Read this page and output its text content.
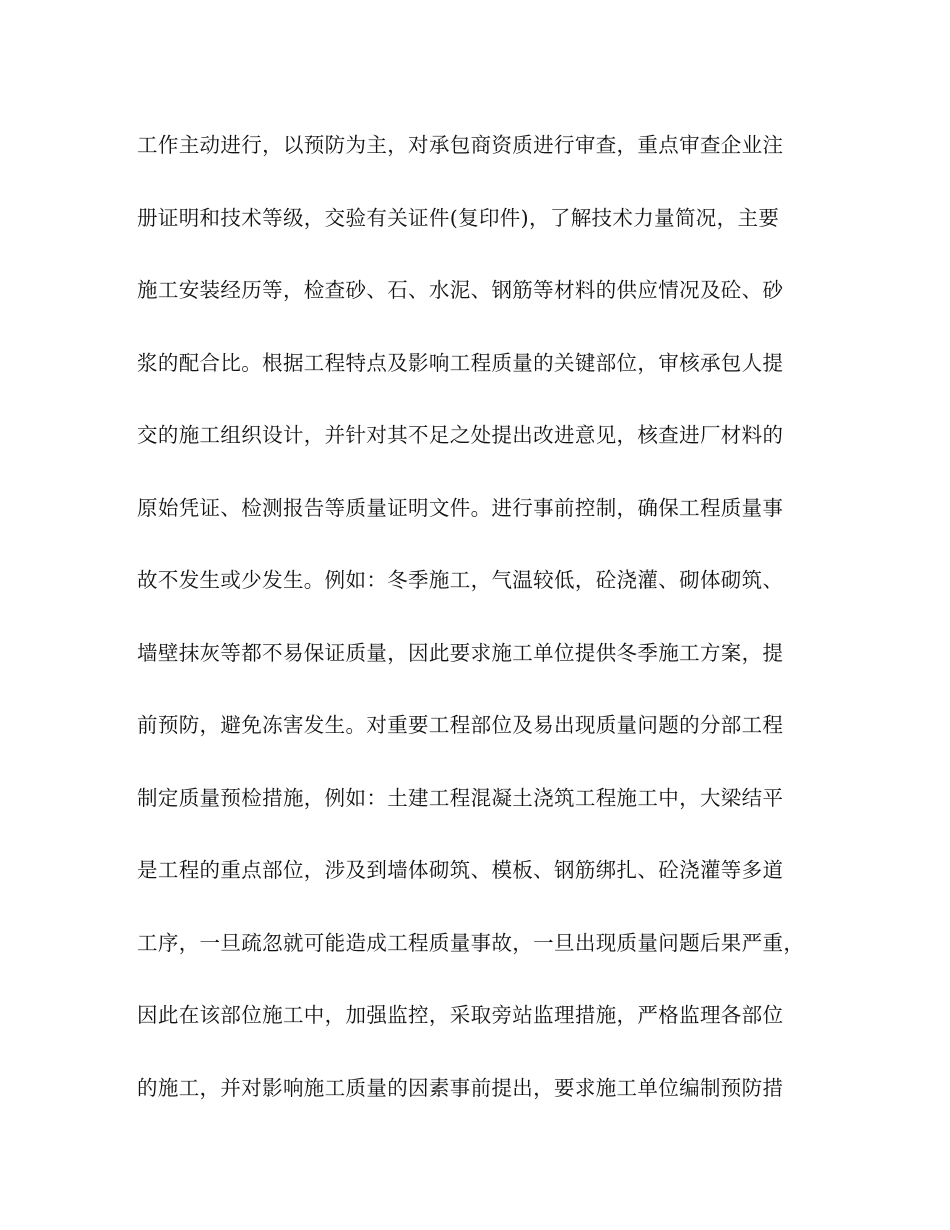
工作主动进行，以预防为主，对承包商资质进行审查，重点审查企业注
册证明和技术等级，交验有关证件(复印件)，了解技术力量简况，主要
施工安装经历等，检查砂、石、水泥、钢筋等材料的供应情况及砼、砂
浆的配合比。根据工程特点及影响工程质量的关键部位，审核承包人提
交的施工组织设计，并针对其不足之处提出改进意见，核查进厂材料的
原始凭证、检测报告等质量证明文件。进行事前控制，确保工程质量事
故不发生或少发生。例如：冬季施工，气温较低，砼浇灌、砌体砌筑、
墙壁抹灰等都不易保证质量，因此要求施工单位提供冬季施工方案，提
前预防，避免冻害发生。对重要工程部位及易出现质量问题的分部工程
制定质量预检措施，例如：土建工程混凝土浇筑工程施工中，大梁结平
是工程的重点部位，涉及到墙体砌筑、模板、钢筋绑扎、砼浇灌等多道
工序，一旦疏忽就可能造成工程质量事故，一旦出现质量问题后果严重，
因此在该部位施工中，加强监控，采取旁站监理措施，严格监理各部位
的施工，并对影响施工质量的因素事前提出，要求施工单位编制预防措
